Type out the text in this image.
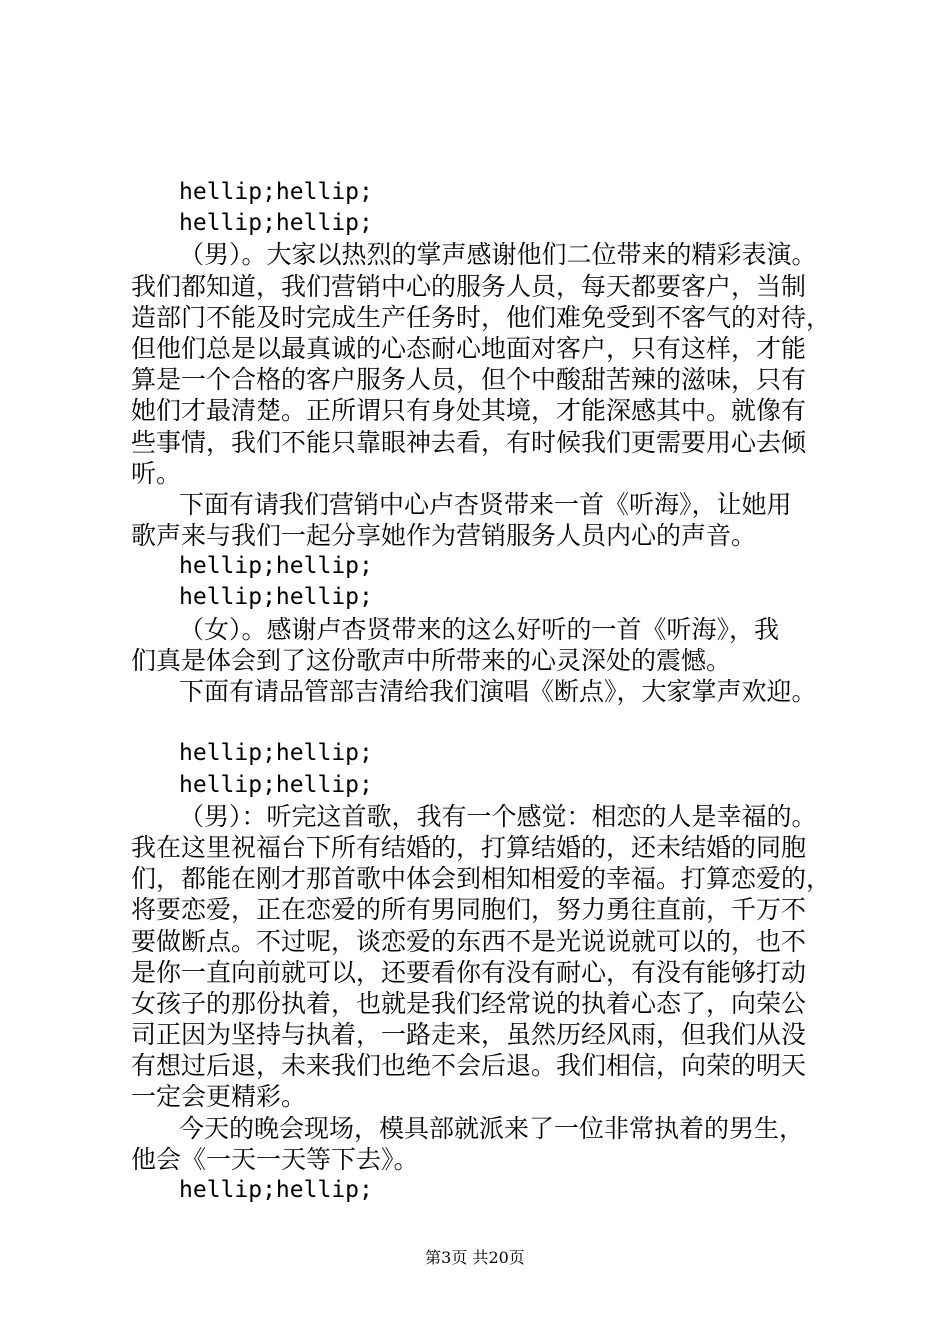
hellip;hellip;
hellip;hellip;
（男）。大家以热烈的掌声感谢他们二位带来的精彩表演。
我们都知道，我们营销中心的服务人员，每天都要客户，当制
造部门不能及时完成生产任务时，他们难免受到不客气的对待，
但他们总是以最真诚的心态耐心地面对客户，只有这样，才能
算是一个合格的客户服务人员，但个中酸甜苦辣的滋味，只有
她们才最清楚。正所谓只有身处其境，才能深感其中。就像有
些事情，我们不能只靠眼神去看，有时候我们更需要用心去倾
听。
下面有请我们营销中心卢杏贤带来一首《听海》，让她用
歌声来与我们一起分享她作为营销服务人员内心的声音。
hellip;hellip;
hellip;hellip;
（女）。感谢卢杏贤带来的这么好听的一首《听海》，我
们真是体会到了这份歌声中所带来的心灵深处的震憾。
下面有请品管部吉清给我们演唱《断点》，大家掌声欢迎。
hellip;hellip;
hellip;hellip;
（男）：听完这首歌，我有一个感觉：相恋的人是幸福的。
我在这里祝福台下所有结婚的，打算结婚的，还未结婚的同胞
们，都能在刚才那首歌中体会到相知相爱的幸福。打算恋爱的，
将要恋爱，正在恋爱的所有男同胞们，努力勇往直前，千万不
要做断点。不过呢，谈恋爱的东西不是光说说就可以的，也不
是你一直向前就可以，还要看你有没有耐心，有没有能够打动
女孩子的那份执着，也就是我们经常说的执着心态了，向荣公
司正因为坚持与执着，一路走来，虽然历经风雨，但我们从没
有想过后退，未来我们也绝不会后退。我们相信，向荣的明天
一定会更精彩。
今天的晚会现场，模具部就派来了一位非常执着的男生，
他会《一天一天等下去》。
hellip;hellip;
第3页 共20页
